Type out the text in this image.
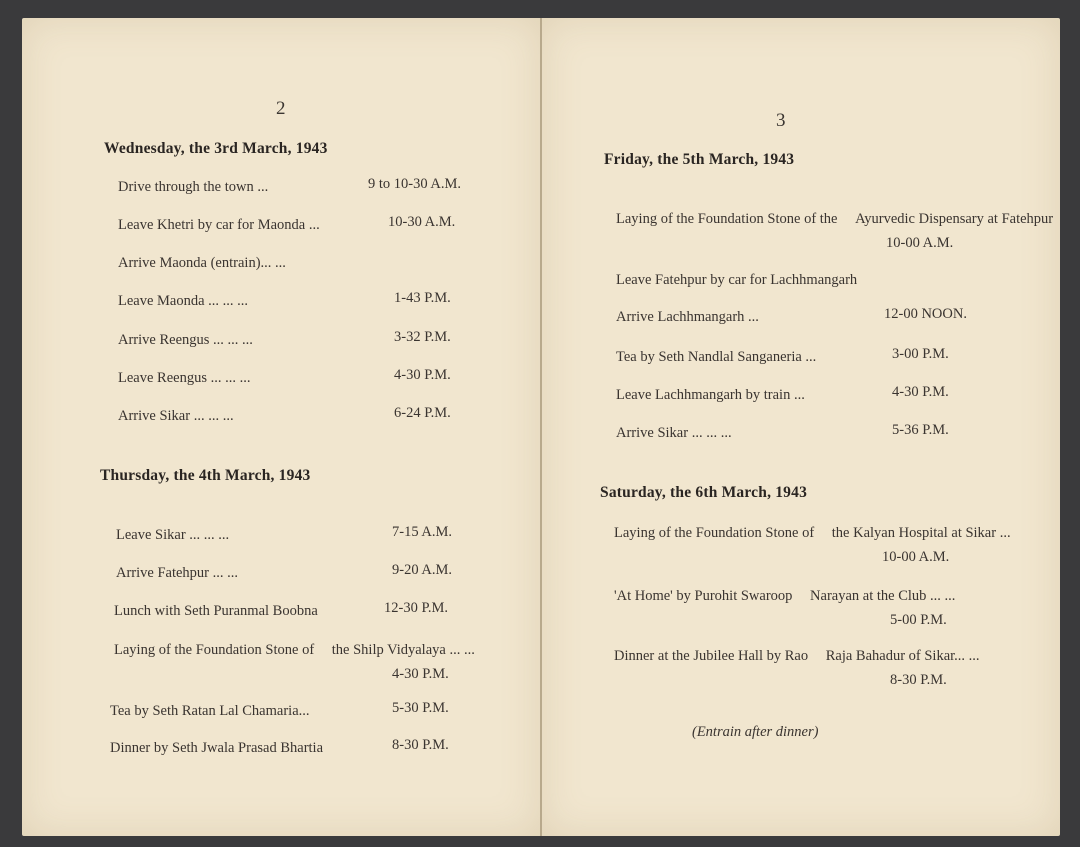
2
Wednesday, the 3rd March, 1943
Drive through the town ...	9 to 10-30 A.M.
Leave Khetri by car for Maonda ...	10-30 A.M.
Arrive Maonda (entrain)... ...
Leave Maonda ... ... ...	1-43 P.M.
Arrive Reengus ... ... ...	3-32 P.M.
Leave Reengus ... ... ...	4-30 P.M.
Arrive Sikar ... ... ...	6-24 P.M.
Thursday, the 4th March, 1943
Leave Sikar ... ... ...	7-15 A.M.
Arrive Fatehpur ... ...	9-20 A.M.
Lunch with Seth Puranmal Boobna	12-30 P.M.
Laying of the Foundation Stone of the Shilp Vidyalaya ... ...
4-30 P.M.
Tea by Seth Ratan Lal Chamaria...	5-30 P.M.
Dinner by Seth Jwala Prasad Bhartia	8-30 P.M.
3
Friday, the 5th March, 1943
Laying of the Foundation Stone of the Ayurvedic Dispensary at Fatehpur
10-00 A.M.
Leave Fatehpur by car for Lachhmangarh
Arrive Lachhmangarh ...	12-00 NOON.
Tea by Seth Nandlal Sanganeria ...	3-00 P.M.
Leave Lachhmangarh by train ...	4-30 P.M.
Arrive Sikar ... ... ...	5-36 P.M.
Saturday, the 6th March, 1943
Laying of the Foundation Stone of the Kalyan Hospital at Sikar ...
10-00 A.M.
'At Home' by Purohit Swaroop Narayan at the Club ... ...
5-00 P.M.
Dinner at the Jubilee Hall by Rao Raja Bahadur of Sikar... ...
8-30 P.M.
(Entrain after dinner)
